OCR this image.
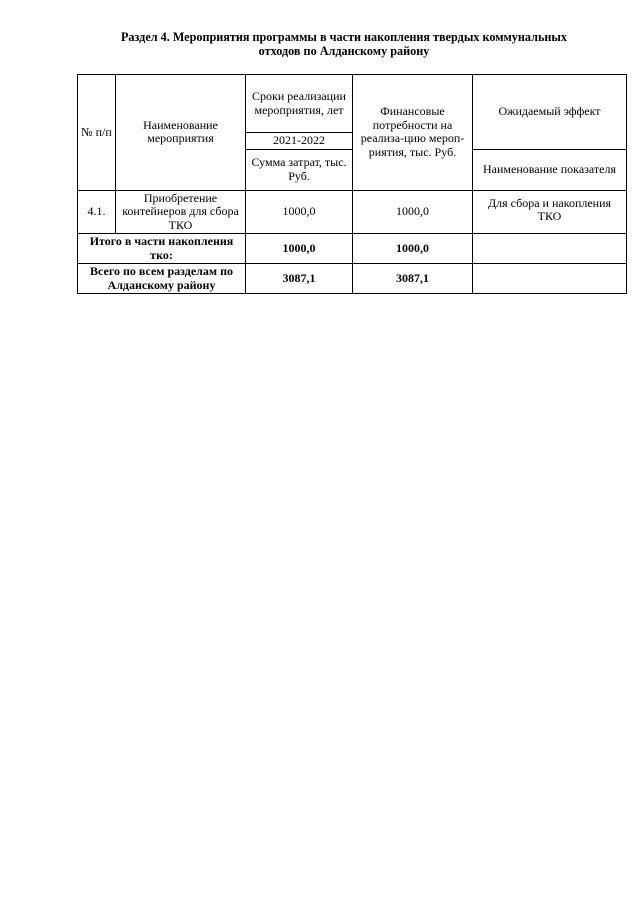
Раздел 4. Мероприятия программы в части накопления твердых коммунальных
отходов по Алданскому району
№ п/п	Наименование мероприятия	Сроки реализации мероприятия, лет	Финансовые потребности на реализа-цию мероп-риятия, тыс. Руб.	Ожидаемый эффект
		2021-2022		
		Сумма затрат, тыс. Руб.		Наименование показателя
4.1.	Приобретение контейнеров для сбора ТКО	1000,0	1000,0	Для сбора и накопления ТКО
Итого в части накопления тко:		1000,0	1000,0	
Всего по всем разделам по Алданскому району		3087,1	3087,1	
